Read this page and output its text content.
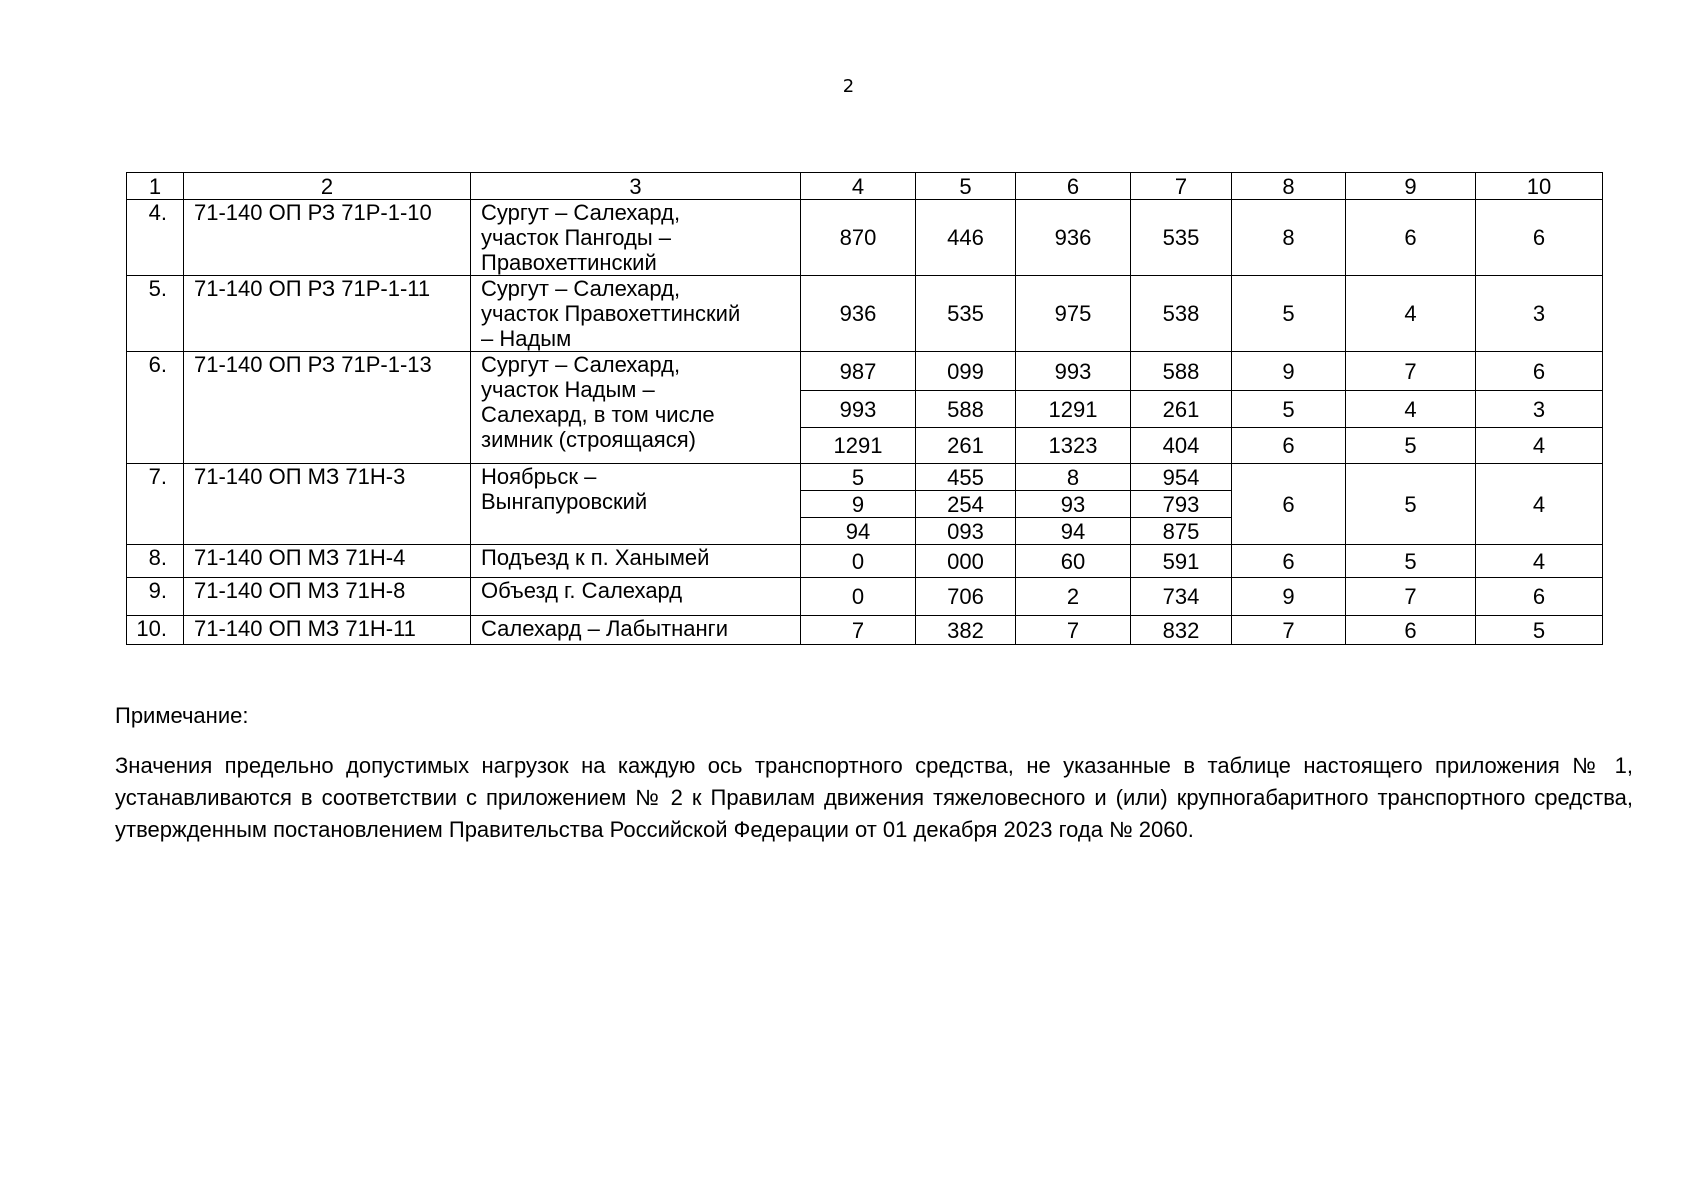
2
1	2	3	4	5	6	7	8	9	10
4.	71-140 ОП РЗ 71Р-1-10	Сургут – Салехард,
участок Пангоды –
Правохеттинский	870	446	936	535	8	6	6
5.	71-140 ОП РЗ 71Р-1-11	Сургут – Салехард,
участок Правохеттинский
– Надым	936	535	975	538	5	4	3
6.	71-140 ОП РЗ 71Р-1-13	Сургут – Салехард,
участок Надым –
Салехард, в том числе
зимник (строящаяся)	987	099	993	588	9	7	6
			993	588	1291	261	5	4	3
			1291	261	1323	404	6	5	4
7.	71-140 ОП МЗ 71Н-3	Ноябрьск –
Вынгапуровский	5	455	8	954	6	5	4
			9	254	93	793			
			94	093	94	875			
8.	71-140 ОП МЗ 71Н-4	Подъезд к п. Ханымей	0	000	60	591	6	5	4
9.	71-140 ОП МЗ 71Н-8	Объезд г. Салехард	0	706	2	734	9	7	6
10.	71-140 ОП МЗ 71Н-11	Салехард – Лабытнанги	7	382	7	832	7	6	5
Примечание:
Значения предельно допустимых нагрузок на каждую ось транспортного средства, не указанные в таблице настоящего приложения № 1, устанавливаются в соответствии с приложением № 2 к Правилам движения тяжеловесного и (или) крупногабаритного транспортного средства, утвержденным постановлением Правительства Российской Федерации от 01 декабря 2023 года № 2060.
